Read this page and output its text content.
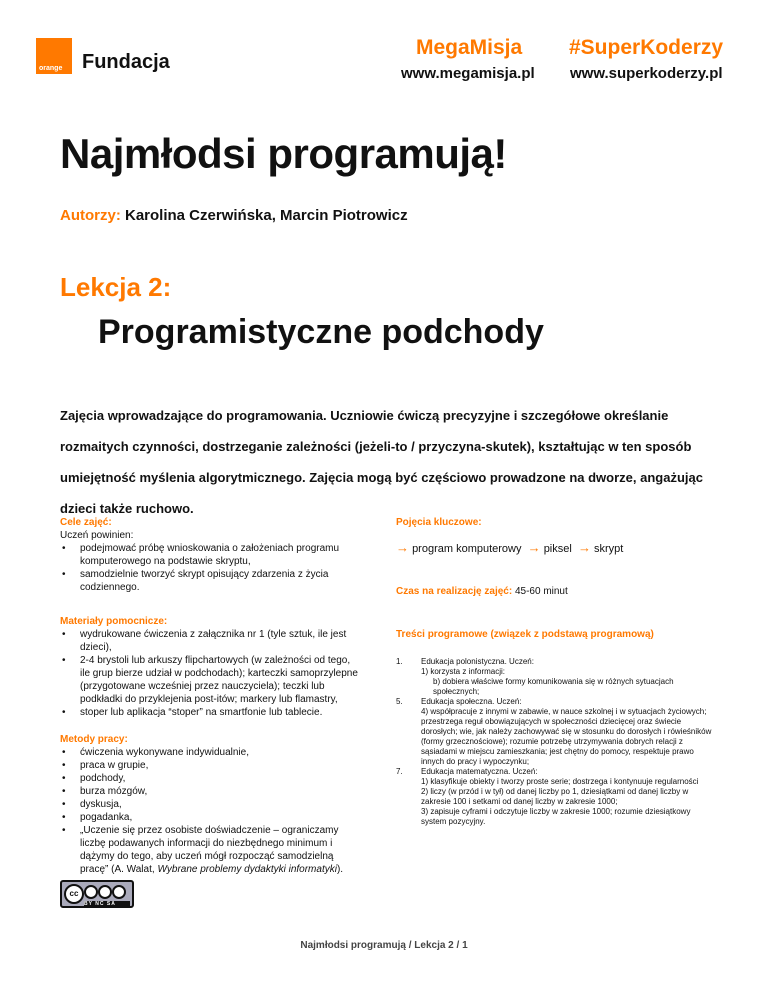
orange Fundacja
MegaMisja
www.megamisja.pl
#SuperKoderzy
www.superkoderzy.pl
Najmłodsi programują!
Autorzy: Karolina Czerwińska, Marcin Piotrowicz
Lekcja 2:
Programistyczne podchody
Zajęcia wprowadzające do programowania. Uczniowie ćwiczą precyzyjne i szczegółowe określanie rozmaitych czynności, dostrzeganie zależności (jeżeli-to / przyczyna-skutek), kształtując w ten sposób umiejętność myślenia algorytmicznego. Zajęcia mogą być częściowo prowadzone na dworze, angażując dzieci także ruchowo.
Cele zajęć:
Uczeń powinien:
• podejmować próbę wnioskowania o założeniach programu komputerowego na podstawie skryptu,
• samodzielnie tworzyć skrypt opisujący zdarzenia z życia codziennego.
Materiały pomocnicze:
• wydrukowane ćwiczenia z załącznika nr 1 (tyle sztuk, ile jest dzieci),
• 2-4 brystoli lub arkuszy flipchartowych (w zależności od tego, ile grup bierze udział w podchodach); karteczki samoprzylepne (przygotowane wcześniej przez nauczyciela); teczki lub podkładki do przyklejenia post-itów; markery lub flamastry,
• stoper lub aplikacja “stoper” na smartfonie lub tablecie.
Metody pracy:
• ćwiczenia wykonywane indywidualnie,
• praca w grupie,
• podchody,
• burza mózgów,
• dyskusja,
• pogadanka,
• „Uczenie się przez osobiste doświadczenie – ograniczamy liczbę podawanych informacji do niezbędnego minimum i dążymy do tego, aby uczeń mógł rozpocząć samodzielną pracę” (A. Walat, Wybrane problemy dydaktyki informatyki).
Pojęcia kluczowe:
→ program komputerowy → piksel → skrypt
Czas na realizację zajęć: 45-60 minut
Treści programowe (związek z podstawą programową)
1. Edukacja polonistyczna. Uczeń:
1) korzysta z informacji:
b) dobiera właściwe formy komunikowania się w różnych sytuacjach społecznych;
5. Edukacja społeczna. Uczeń:
4) współpracuje z innymi w zabawie, w nauce szkolnej i w sytuacjach życiowych; przestrzega reguł obowiązujących w społeczności dziecięcej oraz świecie dorosłych; wie, jak należy zachowywać się w stosunku do dorosłych i rówieśników (formy grzecznościowe); rozumie potrzebę utrzymywania dobrych relacji z sąsiadami w miejscu zamieszkania; jest chętny do pomocy, respektuje prawo innych do pracy i wypoczynku;
7. Edukacja matematyczna. Uczeń:
1) klasyfikuje obiekty i tworzy proste serie; dostrzega i kontynuuje regularności
2) liczy (w przód i w tył) od danej liczby po 1, dziesiątkami od danej liczby w zakresie 100 i setkami od danej liczby w zakresie 1000;
3) zapisuje cyframi i odczytuje liczby w zakresie 1000; rozumie dziesiątkowy system pozycyjny.
cc
BY NC SA
Najmłodsi programują / Lekcja 2 / 1
